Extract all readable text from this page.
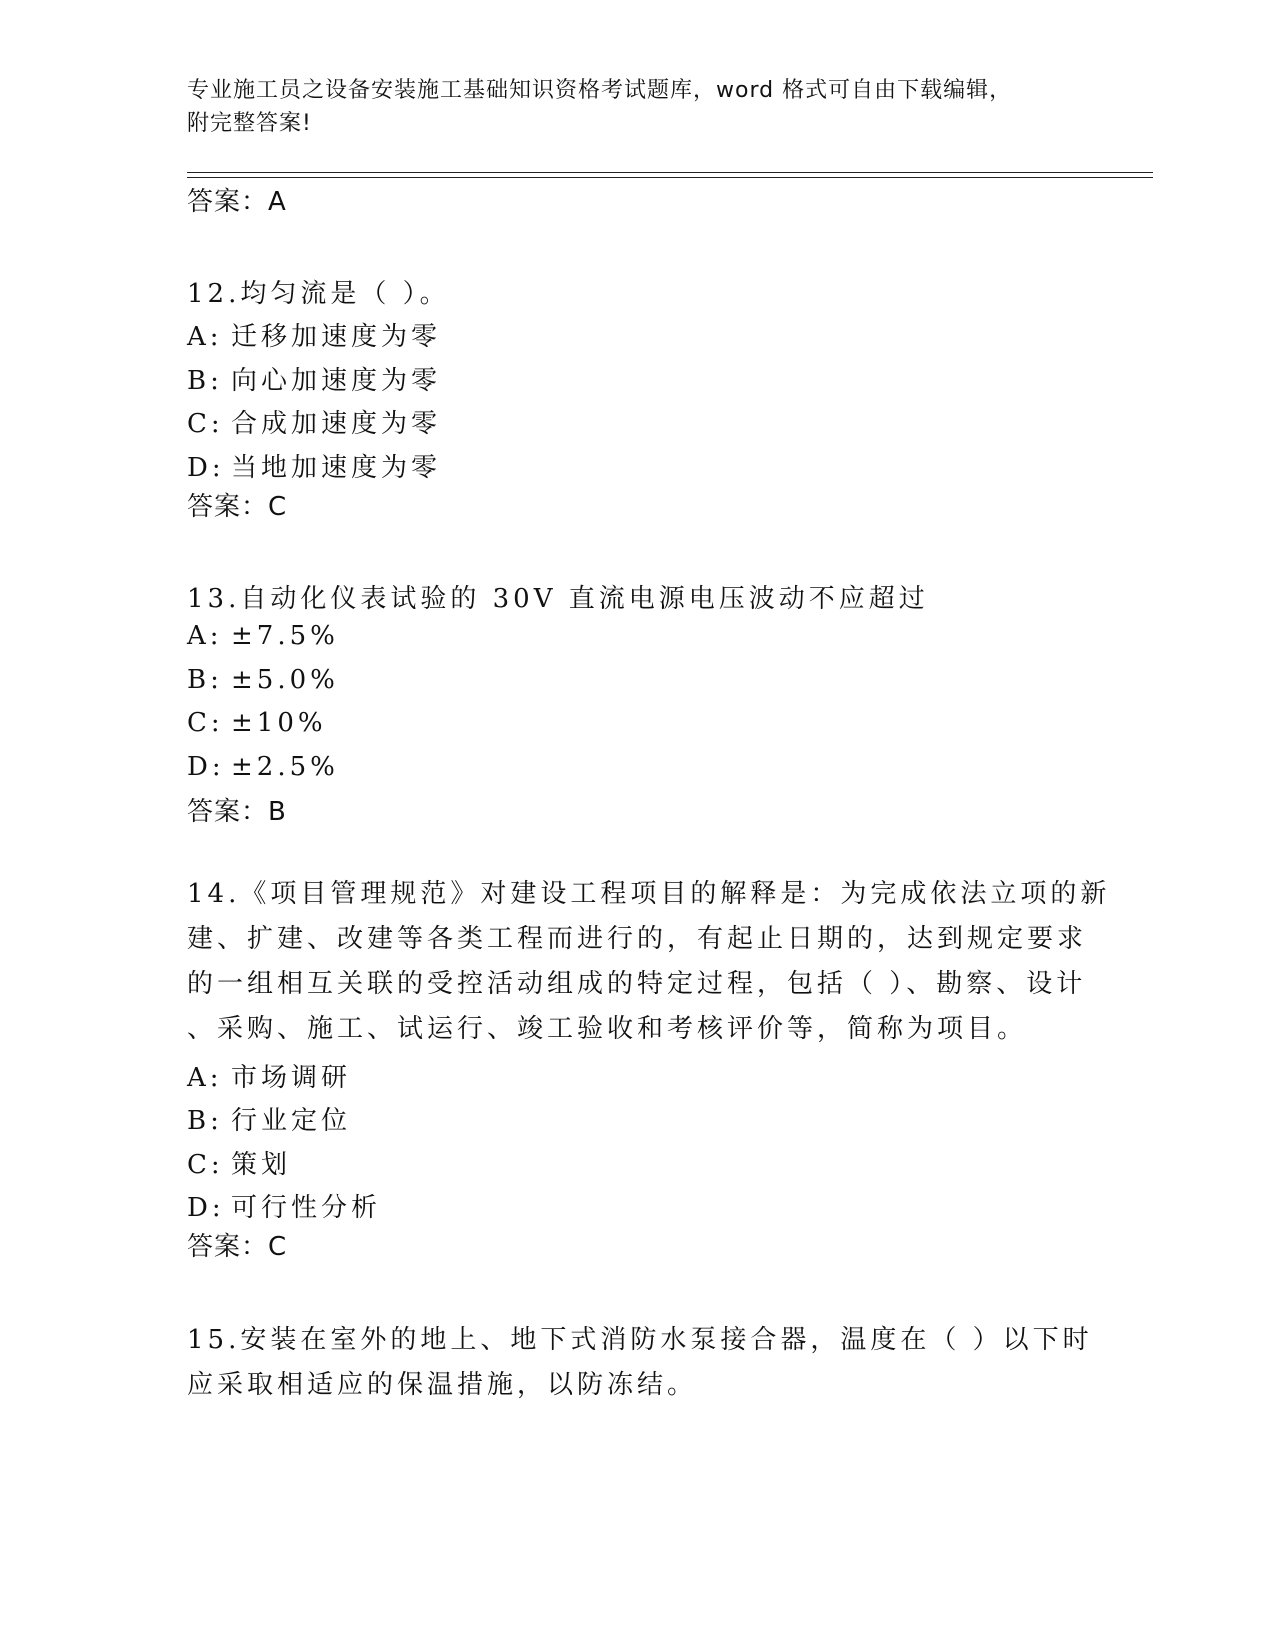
专业施工员之设备安装施工基础知识资格考试题库，word 格式可自由下载编辑，
附完整答案!
答案：A
12.均匀流是（ ）。
A: 迁移加速度为零
B: 向心加速度为零
C: 合成加速度为零
D: 当地加速度为零
答案：C
13.自动化仪表试验的 30V 直流电源电压波动不应超过
A: ±7.5%
B: ±5.0%
C: ±10%
D: ±2.5%
答案：B
14.《项目管理规范》对建设工程项目的解释是：为完成依法立项的新
建、扩建、改建等各类工程而进行的，有起止日期的，达到规定要求
的一组相互关联的受控活动组成的特定过程，包括（ ）、勘察、设计
、采购、施工、试运行、竣工验收和考核评价等，简称为项目。
A: 市场调研
B: 行业定位
C: 策划
D: 可行性分析
答案：C
15.安装在室外的地上、地下式消防水泵接合器，温度在（ ）以下时
应采取相适应的保温措施，以防冻结。
